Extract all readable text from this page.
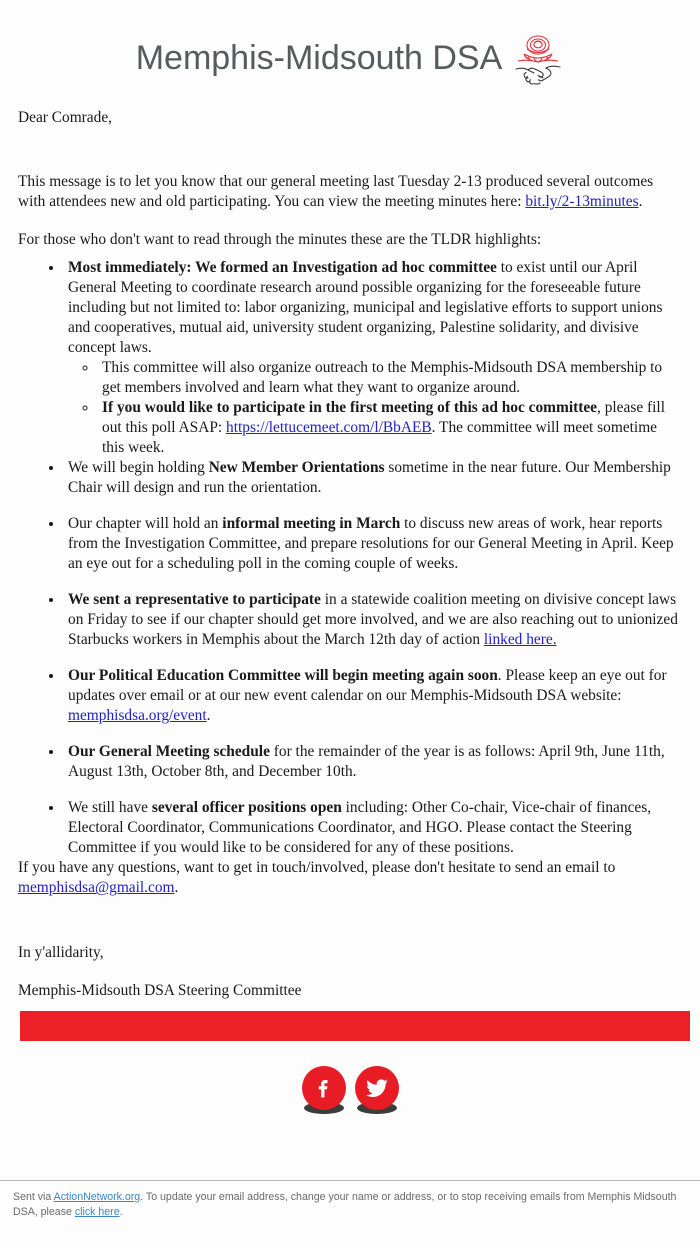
Memphis-Midsouth DSA

Dear Comrade,

This message is to let you know that our general meeting last Tuesday 2-13 produced several outcomes with attendees new and old participating. You can view the meeting minutes here: bit.ly/2-13minutes.

For those who don't want to read through the minutes these are the TLDR highlights:

• Most immediately: We formed an Investigation ad hoc committee to exist until our April General Meeting to coordinate research around possible organizing for the foreseeable future including but not limited to: labor organizing, municipal and legislative efforts to support unions and cooperatives, mutual aid, university student organizing, Palestine solidarity, and divisive concept laws.
◦ This committee will also organize outreach to the Memphis-Midsouth DSA membership to get members involved and learn what they want to organize around.
◦ If you would like to participate in the first meeting of this ad hoc committee, please fill out this poll ASAP: https://lettucemeet.com/l/BbAEB. The committee will meet sometime this week.
• We will begin holding New Member Orientations sometime in the near future. Our Membership Chair will design and run the orientation.
• Our chapter will hold an informal meeting in March to discuss new areas of work, hear reports from the Investigation Committee, and prepare resolutions for our General Meeting in April. Keep an eye out for a scheduling poll in the coming couple of weeks.
• We sent a representative to participate in a statewide coalition meeting on divisive concept laws on Friday to see if our chapter should get more involved, and we are also reaching out to unionized Starbucks workers in Memphis about the March 12th day of action linked here.
• Our Political Education Committee will begin meeting again soon. Please keep an eye out for updates over email or at our new event calendar on our Memphis-Midsouth DSA website: memphisdsa.org/event.
• Our General Meeting schedule for the remainder of the year is as follows: April 9th, June 11th, August 13th, October 8th, and December 10th.
• We still have several officer positions open including: Other Co-chair, Vice-chair of finances, Electoral Coordinator, Communications Coordinator, and HGO. Please contact the Steering Committee if you would like to be considered for any of these positions.

If you have any questions, want to get in touch/involved, please don't hesitate to send an email to memphisdsa@gmail.com.

In y'allidarity,

Memphis-Midsouth DSA Steering Committee

Sent via ActionNetwork.org. To update your email address, change your name or address, or to stop receiving emails from Memphis Midsouth DSA, please click here.
